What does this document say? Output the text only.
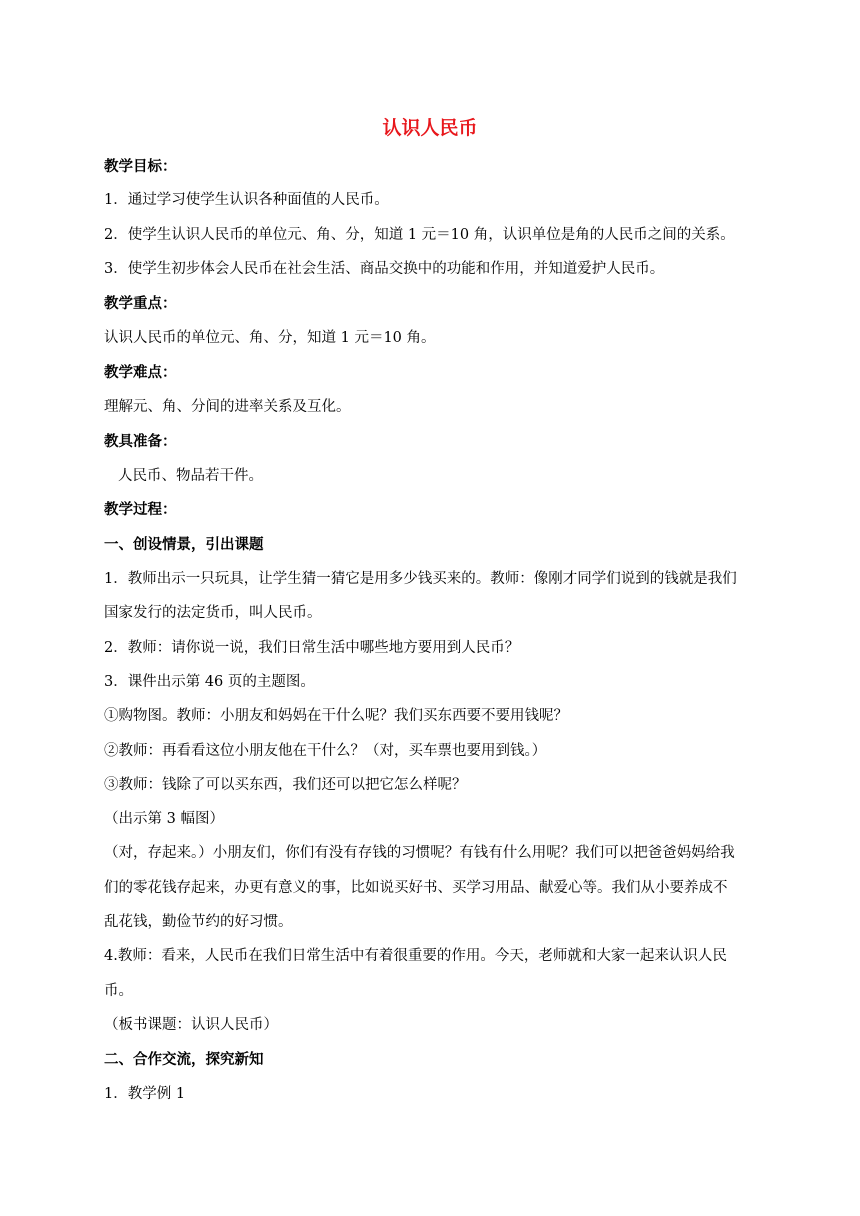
认识人民币
教学目标：
1．通过学习使学生认识各种面值的人民币。
2．使学生认识人民币的单位元、角、分，知道 1 元＝10 角，认识单位是角的人民币之间的关系。
3．使学生初步体会人民币在社会生活、商品交换中的功能和作用，并知道爱护人民币。
教学重点：
认识人民币的单位元、角、分，知道 1 元＝10 角。
教学难点：
理解元、角、分间的进率关系及互化。
教具准备：
人民币、物品若干件。
教学过程：
一、创设情景，引出课题
1．教师出示一只玩具，让学生猜一猜它是用多少钱买来的。教师：像刚才同学们说到的钱就是我们
国家发行的法定货币，叫人民币。
2．教师：请你说一说，我们日常生活中哪些地方要用到人民币？
3．课件出示第 46 页的主题图。
①购物图。教师：小朋友和妈妈在干什么呢？我们买东西要不要用钱呢？
②教师：再看看这位小朋友他在干什么？（对，买车票也要用到钱。）
③教师：钱除了可以买东西，我们还可以把它怎么样呢？
（出示第 3 幅图）
（对，存起来。）小朋友们，你们有没有存钱的习惯呢？有钱有什么用呢？我们可以把爸爸妈妈给我
们的零花钱存起来，办更有意义的事，比如说买好书、买学习用品、献爱心等。我们从小要养成不
乱花钱，勤俭节约的好习惯。
4.教师：看来，人民币在我们日常生活中有着很重要的作用。今天，老师就和大家一起来认识人民
币。
（板书课题：认识人民币）
二、合作交流，探究新知
1．教学例 1
